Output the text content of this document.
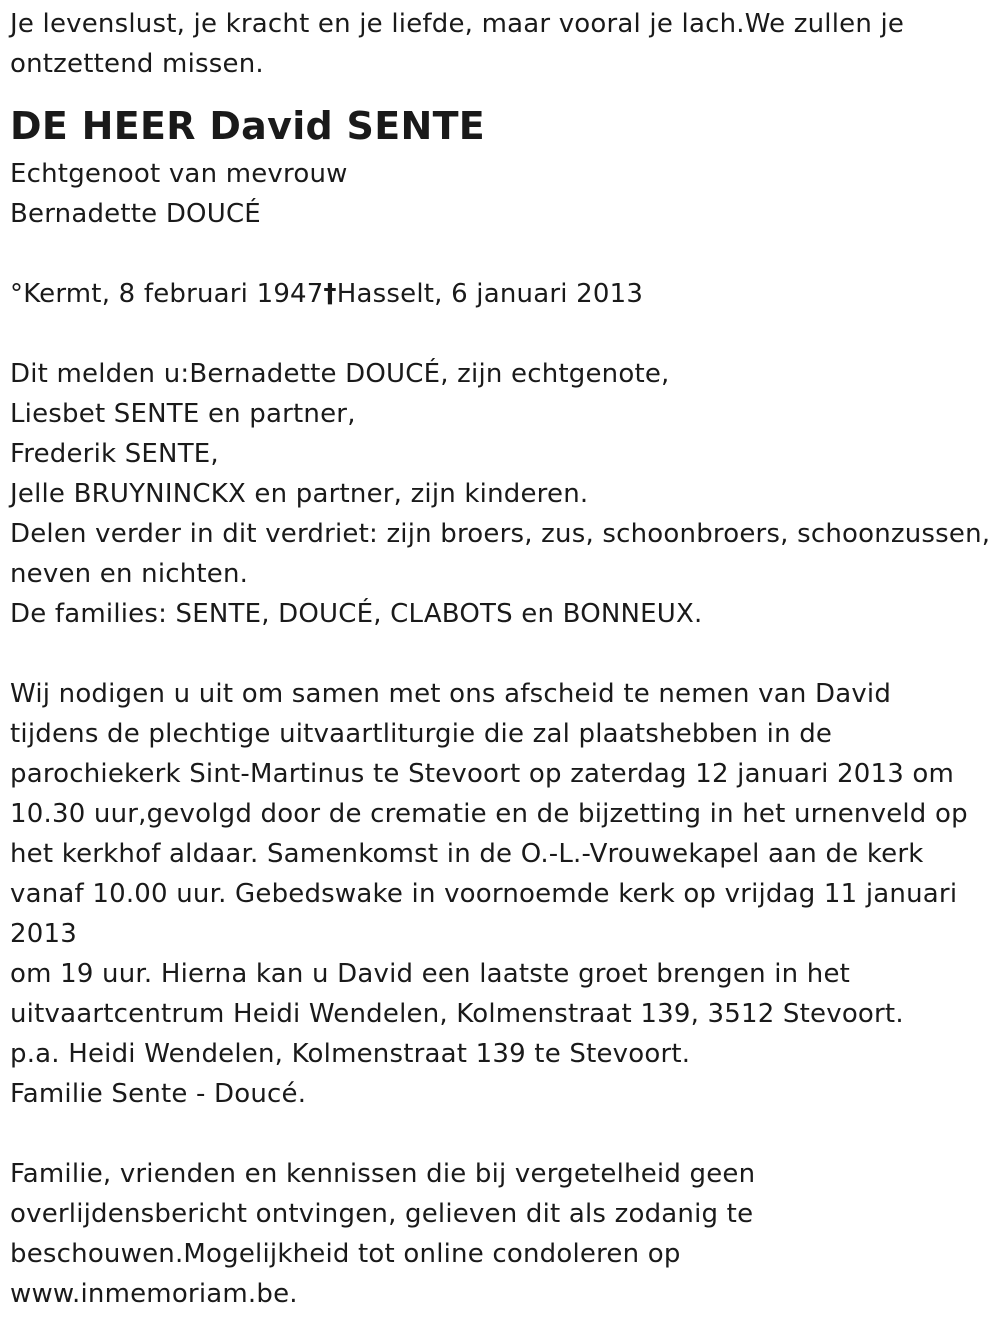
Je levenslust, je kracht en je liefde, maar vooral je lach.We zullen je
ontzettend missen.
DE HEER David SENTE
Echtgenoot van mevrouw
Bernadette DOUCÉ
°Kermt, 8 februari 1947†Hasselt, 6 januari 2013
Dit melden u:Bernadette DOUCÉ, zijn echtgenote,
Liesbet SENTE en partner,
Frederik SENTE,
Jelle BRUYNINCKX en partner, zijn kinderen.
Delen verder in dit verdriet: zijn broers, zus, schoonbroers, schoonzussen,
neven en nichten.
De families: SENTE, DOUCÉ, CLABOTS en BONNEUX.
Wij nodigen u uit om samen met ons afscheid te nemen van David
tijdens de plechtige uitvaartliturgie die zal plaatshebben in de
parochiekerk Sint-Martinus te Stevoort op zaterdag 12 januari 2013 om
10.30 uur,gevolgd door de crematie en de bijzetting in het urnenveld op
het kerkhof aldaar. Samenkomst in de O.-L.-Vrouwekapel aan de kerk
vanaf 10.00 uur. Gebedswake in voornoemde kerk op vrijdag 11 januari
2013
om 19 uur. Hierna kan u David een laatste groet brengen in het
uitvaartcentrum Heidi Wendelen, Kolmenstraat 139, 3512 Stevoort.
p.a. Heidi Wendelen, Kolmenstraat 139 te Stevoort.
Familie Sente - Doucé.
Familie, vrienden en kennissen die bij vergetelheid geen
overlijdensbericht ontvingen, gelieven dit als zodanig te
beschouwen.Mogelijkheid tot online condoleren op
www.inmemoriam.be.
